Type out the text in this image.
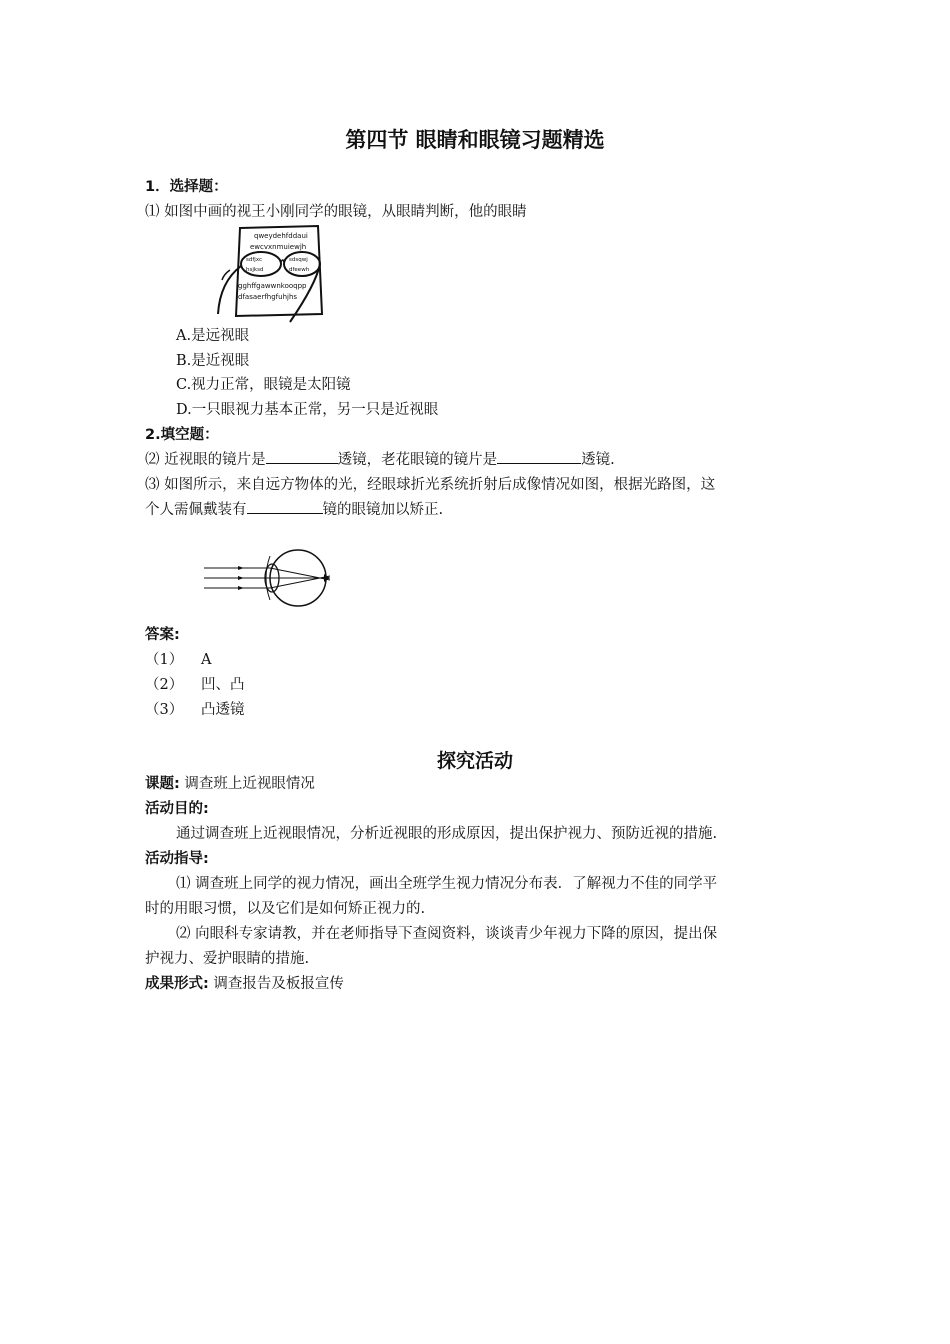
第四节 眼睛和眼镜习题精选
1．选择题：
⑴ 如图中画的视王小刚同学的眼镜，从眼睛判断，他的眼睛
qweydehfddaui
ewcvxnmuiewjh
sdfjxc	sdsqwj
hsjksd	dfeewh
gghffgawwnkooqpp
dfasaerfhgfuhjhs
A.是远视眼
B.是近视眼
C.视力正常，眼镜是太阳镜
D.一只眼视力基本正常，另一只是近视眼
2.填空题：
⑵ 近视眼的镜片是	透镜，老花眼镜的镜片是	透镜.
⑶ 如图所示，来自远方物体的光，经眼球折光系统折射后成像情况如图，根据光路图，这
个人需佩戴装有	镜的眼镜加以矫正.
答案:
（1） A
（2） 凹、凸
（3） 凸透镜
探究活动
课题: 调查班上近视眼情况
活动目的:
通过调查班上近视眼情况，分析近视眼的形成原因，提出保护视力、预防近视的措施.
活动指导:
⑴ 调查班上同学的视力情况，画出全班学生视力情况分布表．了解视力不佳的同学平
时的用眼习惯，以及它们是如何矫正视力的.
⑵ 向眼科专家请教，并在老师指导下查阅资料，谈谈青少年视力下降的原因，提出保
护视力、爱护眼睛的措施.
成果形式: 调查报告及板报宣传
